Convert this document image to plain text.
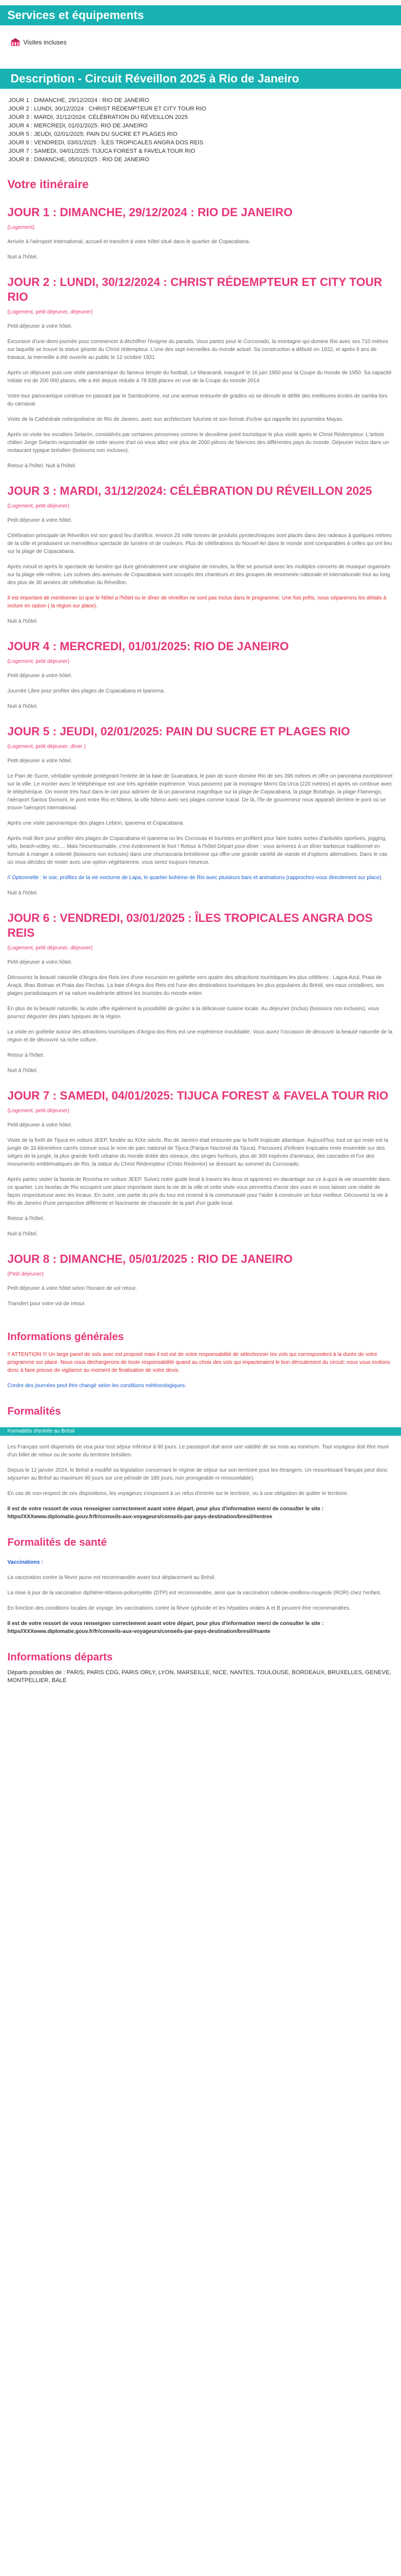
Services et équipements
Visites incluses
Description - Circuit Réveillon 2025 à Rio de Janeiro
JOUR 1 : DIMANCHE, 29/12/2024 : RIO DE JANEIRO
JOUR 2 : LUNDI, 30/12/2024 : CHRIST RÉDEMPTEUR ET CITY TOUR RIO
JOUR 3 : MARDI, 31/12/2024: CÉLÉBRATION DU RÉVEILLON 2025
JOUR 4 : MERCREDI, 01/01/2025: RIO DE JANEIRO
JOUR 5 : JEUDI, 02/01/2025: PAIN DU SUCRE ET PLAGES RIO
JOUR 6 : VENDREDI, 03/01/2025 : ÎLES TROPICALES ANGRA DOS REIS
JOUR 7 : SAMEDI, 04/01/2025: TIJUCA FOREST & FAVELA TOUR RIO
JOUR 8 : DIMANCHE, 05/01/2025 : RIO DE JANEIRO
Votre itinéraire
JOUR 1 : DIMANCHE, 29/12/2024 : RIO DE JANEIRO
(Logement)
Arrivée à l'aéroport International, accueil et transfert à votre hôtel situé dans le quartier de Copacabana.
Nuit à l'hôtel.
JOUR 2 : LUNDI, 30/12/2024 : CHRIST RÉDEMPTEUR ET CITY TOUR RIO
(Logement, petit déjeuner, déjeuner)
Petit déjeuner à votre hôtel.
Excursion d'une demi-journée pour commencer à déchiffrer l'énigme du paradis. Vous partez pour le Corcovado, la montagne qui domine Rio avec ses 710 mètres sur laquelle se trouve la statue géante du Christ rédempteur. L'une des sept merveilles du monde actuel. Sa construction a débuté en 1922, et après 9 ans de travaux, la merveille a été ouverte au public le 12 octobre 1931.
Après un déjeuner puis une visite panoramique du fameux temple du football, Le Maracanã, inauguré le 16 juin 1950 pour la Coupe du monde de 1950. Sa capacité initiale est de 200 000 places, elle a été depuis réduite à 78 838 places en vue de la Coupe du monde 2014.
Votre tour panoramique continue en passant par le Sambodrome, est une avenue entourée de gradins où se déroule le défilé des meilleures écoles de samba lors du carnaval.
Visite de la Cathédrale métropolitaine de Rio de Janeiro, avec son architecture futuriste et son format d'icône qui rappelle les pyramides Mayas.
Après on visite les escaliers Selarón, considérés par certaines personnes comme le deuxième point touristique le plus visité après le Christ Rédempteur. L'artiste chilien Jorge Selarón responsable de cette œuvre d'art où vous allez voir plus de 2000 pièces de faïences des différentes pays du monde. Déjeuner inclus dans un restaurant typique brésilien (boissons non incluses).
Retour à l'hôtel. Nuit à l'hôtel.
JOUR 3 : MARDI, 31/12/2024: CÉLÉBRATION DU RÉVEILLON 2025
(Logement, petit déjeuner)
Petit déjeuner à votre hôtel.
Célébration principale de Réveillon est son grand feu d'artifice, environ 25 mille tonnes de produits pyrotechniques sont placés dans des radeaux à quelques mètres de la côte et produisent un merveilleux spectacle de lumière et de couleurs. Plus de célébrations du Nouvel An dans le monde sont comparables à celles qui ont lieu sur la plage de Copacabana.
Après minuit et après le spectacle de lumière qui dure généralement une vingtaine de minutes, la fête se poursuit avec les multiples concerts de musique organisés sur la plage elle-même. Les scènes des avenues de Copacabana sont occupés des chanteurs et des groupes de renommée nationale et internationale tout au long des plus de 30 années de célébration du Réveillon.
Il est important de mentionner ici que le Nôtel a l'hôtel ou le dîner de réveillon ne sont pas inclus dans le programme. Une fois prêts, nous séparerons les détails à inclure en option ( la région sur place).
Nuit à l'hôtel.
JOUR 4 : MERCREDI, 01/01/2025: RIO DE JANEIRO
(Logement, petit déjeuner)
Petit déjeuner à votre hôtel.
Journée Libre pour profiter des plages de Copacabana et Ipanema.
Nuit à l'hôtel.
JOUR 5 : JEUDI, 02/01/2025: PAIN DU SUCRE ET PLAGES RIO
(Logement, petit déjeuner, dîner )
Petit déjeuner à votre hôtel.
Le Pain de Sucre, véritable symbole protégeant l'entrée de la baie de Guanabara, le pain de sucre domine Rio de ses 396 mètres et offre un panorama exceptionnel sur la ville. Le monter avec le téléphérique est une très agréable expérience. Vous passerez par la montagne Morro Da Urca (220 mètres) et après on continue avec le téléphérique. On monte très haut dans le ciel pour admirer de là un panorama magnifique sur la plage de Copacabana, la plage Botafogo, la plage Flamengo, l'aéroport Santos Dumont, le pont entre Rio et Niteroi, la ville Niteroi avec ses plages comme Icaraí. De là, l'île de gouverneur nous apparaît derrière le pont où se trouve l'aéroport international.
Après une visite panoramique des plages Leblon, Ipanema et Copacabana.
Après midi libre pour profiter des plages de Copacabana et Ipanema ou les Corcovas et touristes en profitent pour faire toutes sortes d'activités sportives, jogging, vélo, beach-volley, etc.... Mais l'incontournable, c'est évidemment le foot ! Retour à l'hôtel Départ pour dîner : vous arriverez à un dîner barbecue traditionnel en formule à manger à volonté (boissons non incluses) dans une churrascaria brésilienne qui offre une grande variété de viande et d'options alternatives. Dans le cas où vous décidez de rester avec une option végétarienne, vous serez toujours heureux.
// Optionnelle : le soir, profitez de la vie nocturne de Lapa, le quartier bohème de Rio avec plusieurs bars et animations (rapprochez-vous directement sur place).
Nuit à l'hôtel.
JOUR 6 : VENDREDI, 03/01/2025 : ÎLES TROPICALES ANGRA DOS REIS
(Logement, petit déjeuner, déjeuner)
Petit déjeuner à votre hôtel.
Découvrez la beauté naturelle d'Angra dos Reis lors d'une excursion en goélette vers quatre des attractions touristiques les plus célèbres : Lagoa Azul, Praia de Araçá, Ilhas Botinas et Praia das Flechas. La baie d'Angra dos Reis est l'une des destinations touristiques les plus populaires du Brésil, ses eaux cristallines, ses plages paradisiaques et sa nature exubérante attirent les touristes du monde entier.
En plus de la beauté naturelle, la visite offre également la possibilité de goûter à la délicieuse cuisine locale. Au déjeuner (inclus) (boissons non incluses), vous pourrez déguster des plats typiques de la région.
La visite en goélette autour des attractions touristiques d'Angra dos Reis est une expérience inoubliable. Vous aurez l'occasion de découvrir la beauté naturelle de la région et de découvrir sa riche culture.
Retour à l'hôtel.
Nuit à l'hôtel.
JOUR 7 : SAMEDI, 04/01/2025: TIJUCA FOREST & FAVELA TOUR RIO
(Logement, petit déjeuner)
Petit déjeuner à votre hôtel.
Visite de la forêt de Tijuca en voiture JEEP, fondée au XIXe siècle, Rio de Janeiro était entourée par la forêt tropicale atlantique. Aujourd'hui, tout ce qui reste est la jungle de 33 kilomètres carrés connue sous le nom de parc national de Tijuca (Parque Nacional da Tijuca). Parcourez d'infinies tropicales reste ensemble sur des sièges de la jungle, la plus grande forêt urbaine du monde dotée des oiseaux, des singes hurleurs, plus de 300 espèces d'animaux, des cascades et l'un des monuments emblématiques de Rio, la statue du Christ Rédempteur (Cristo Redentor) se dressant au sommet du Corcovado.
Après partez visiter la favela de Rocinha en voiture JEEP. Suivez notre guide local à travers les lieux et apprenez en davantage sur ce à quoi la vie ressemble dans ce quartier. Les favelas de Rio occupent une place importante dans la vie de la ville et cette visite vous permettra d'avoir des vues et vous laisser une réalité de façon respectueuse avec les locaux. En outre, une partie du prix du tour est reversé à la communauté pour l'aider à construire un futur meilleur. Découvrez la vie à Rio de Janeiro d'une perspective différente et fascinante de chaussée de la part d'un guide local.
Retour à l'hôtel.
Nuit à l'hôtel.
JOUR 8 : DIMANCHE, 05/01/2025 : RIO DE JANEIRO
(Petit déjeuner)
Petit déjeuner à votre hôtel selon l'horaire de vol retour.
Transfert pour votre vol de retour.
Informations générales
!! ATTENTION !!! Un large panel de vols avec est proposé mais il est est de notre responsabilité de sélectionner les vols qui correspondent à la durée de votre programme sur place. Nous nous déchargerons de toute responsabilité quand au choix des vols qui impacteraient le bon déroulement du circuit; nous vous invitons donc à faire preuve de vigilance au moment de finalisation de votre devis.
Cordre des journées peut être changé selon les conditions météorologiques.
Formalités
Formalités d'entrée au Brésil
Les Français sont dispensés de visa pour tout séjour inférieur à 90 jours. Le passeport doit avoir une validité de six mois au minimum. Tout voyageur doit être muni d'un billet de retour ou de sortie du territoire brésilien.
Depuis le 12 janvier 2024, le Brésil a modifié sa législation concernant le régime de séjour sur son territoire pour les étrangers. Un ressortissant français peut donc séjourner au Brésil au maximum 90 jours sur une période de 180 jours, non prorogeable ni renouvelable).
En cas de non-respect de ces dispositions, les voyageurs s'exposent à un refus d'entrée sur le territoire, ou à une obligation de quitter le territoire.
Il est de votre ressort de vous renseigner correctement avant votre départ, pour plus d'information merci de consulter le site : https//XXXwww.diplomatie.gouv.fr/fr/conseils-aux-voyageurs/conseils-par-pays-destination/bresil/#entree
Formalités de santé
Vaccinations :
La vaccination contre la fièvre jaune est recommandée avant tout déplacement au Brésil.
La mise à jour de la vaccination diphtérie-tétanos-poliomyélite (DTP) est recommandée, ainsi que la vaccination rubéole-oreillons-rougeole (ROR) chez l'enfant.
En fonction des conditions locales de voyage, les vaccinations contre la fièvre typhoïde et les hépatites virales A et B peuvent être recommandées.
Il est de votre ressort de vous renseigner correctement avant votre départ, pour plus d'information merci de consulter le site : https//XXXwww.diplomatie.gouv.fr/fr/conseils-aux-voyageurs/conseils-par-pays-destination/bresil/#sante
Informations départs
Départs possibles de : PARIS, PARIS CDG, PARIS ORLY, LYON, MARSEILLE, NICE, NANTES, TOULOUSE, BORDEAUX, BRUXELLES, GENEVE, MONTPELLIER, BALE
